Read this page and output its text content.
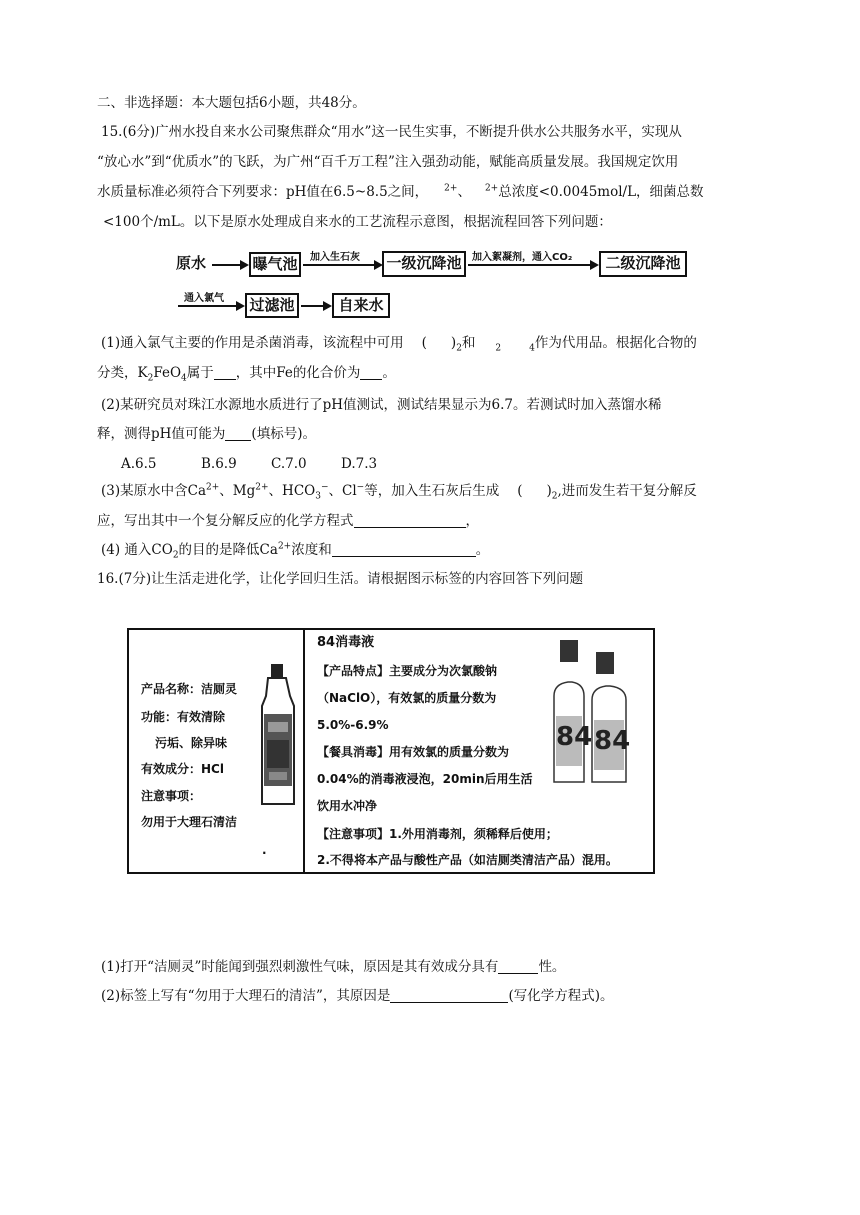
二、非选择题：本大题包括6小题，共48分。
15.(6分)广州水投自来水公司聚焦群众“用水”这一民生实事，不断提升供水公共服务水平，实现从
“放心水”到“优质水”的飞跃，为广州“百千万工程”注入强劲动能，赋能高质量发展。我国规定饮用
水质量标准必须符合下列要求：pH值在6.5~8.5之间， $^{2+}$、 $^{2+}$总浓度<0.0045mol/L，细菌总数
<100个/mL。以下是原水处理成自来水的工艺流程示意图，根据流程回答下列问题：
原水	曝气池	加入生石灰 一级沉降池	加入絮凝剂，通入CO₂	二级沉降池
通入氯气 过滤池	自来水
(1)通入氯气主要的作用是杀菌消毒，该流程中可用 ( )$_2$和 $_2$	$_4$作为代用品。根据化合物的
分类，$K_2FeO_4$属于 ，其中Fe的化合价为 。
(2)某研究员对珠江水源地水质进行了pH值测试，测试结果显示为6.7。若测试时加入蒸馏水稀
释，测得pH值可能为 (填标号)。
A.6.5	B.6.9	C.7.0	D.7.3
(3)某原水中含$Ca^{2+}$、$Mg^{2+}$、$HCO_3^-$、Cl−等，加入生石灰后生成 ( )$_2$,进而发生若干复分解反
应，写出其中一个复分解反应的化学方程式	，
(4) 通入$CO_2$的目的是降低$Ca^{2+}$浓度和	。
16.(7分)让生活走进化学，让化学回归生活。请根据图示标签的内容回答下列问题
产品名称：洁厕灵
功能：有效清除
污垢、除异味
有效成分：HCl
注意事项：
勿用于大理石清洁
·
84消毒液
【产品特点】主要成分为次氯酸钠
（NaClO），有效氯的质量分数为
5.0%-6.9%
【餐具消毒】用有效氯的质量分数为
0.04%的消毒液浸泡，20min后用生活
饮用水冲净
【注意事项】1.外用消毒剂，须稀释后使用；
2.不得将本产品与酸性产品（如洁厕类清洁产品）混用。
84 84
(1)打开“洁厕灵”时能闻到强烈刺激性气味，原因是其有效成分具有	性。
(2)标签上写有“勿用于大理石的清洁”，其原因是	(写化学方程式)。
